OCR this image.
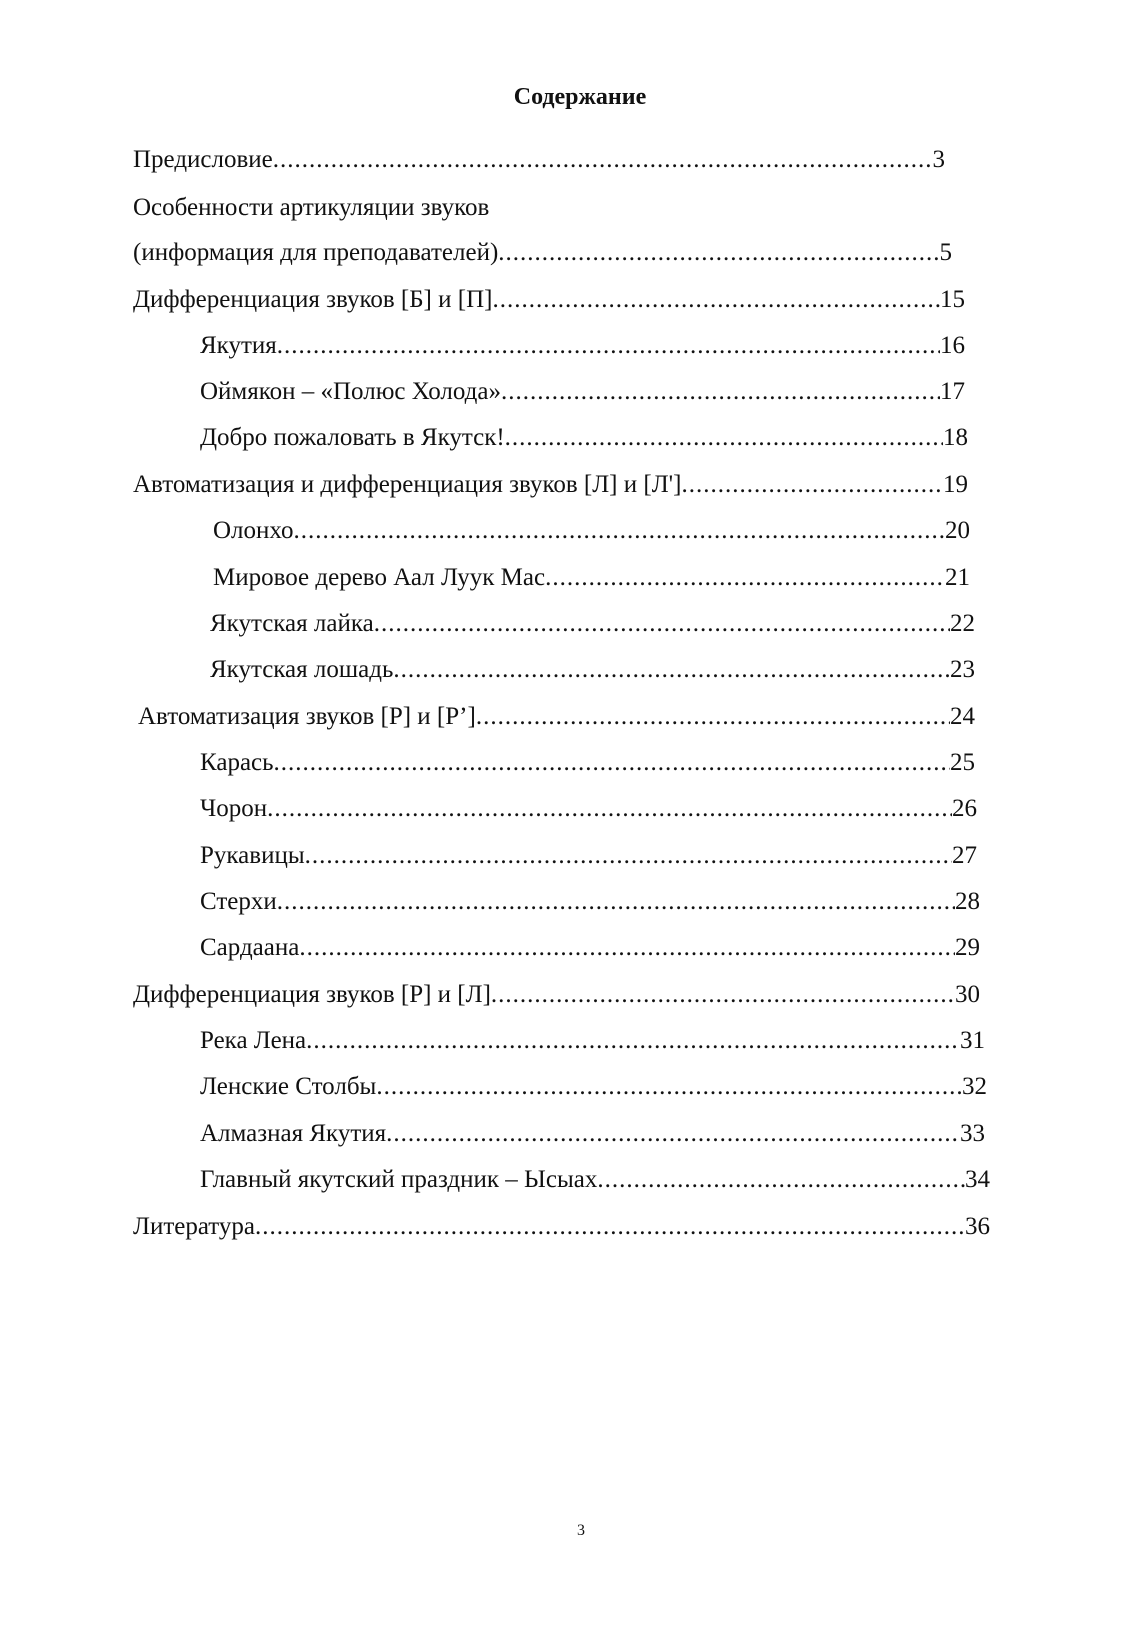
Содержание
Предисловие .....	3
Особенности артикуляции звуков
(информация для преподавателей) .....	.5
Дифференциация звуков [Б] и [П] .....	15
Якутия .....	16
Оймякон – «Полюс Холода» .....	17
Добро пожаловать в Якутск! .....	18
Автоматизация и дифференциация звуков [Л] и [Л'] .....	19
Олонхо .....	20
Мировое дерево Аал Луук Мас .....	21
Якутская лайка .....	22
Якутская лошадь .....	23
Автоматизация звуков [Р] и [Р’] .....	24
Карась .....	25
Чорон .....	26
Рукавицы .....	27
Стерхи .....	28
Сардаана .....	29
Дифференциация звуков [Р] и [Л] .....	30
Река Лена .....	31
Ленские Столбы .....	32
Алмазная Якутия .....	33
Главный якутский праздник – Ысыах .....	34
Литература .....	36
3
